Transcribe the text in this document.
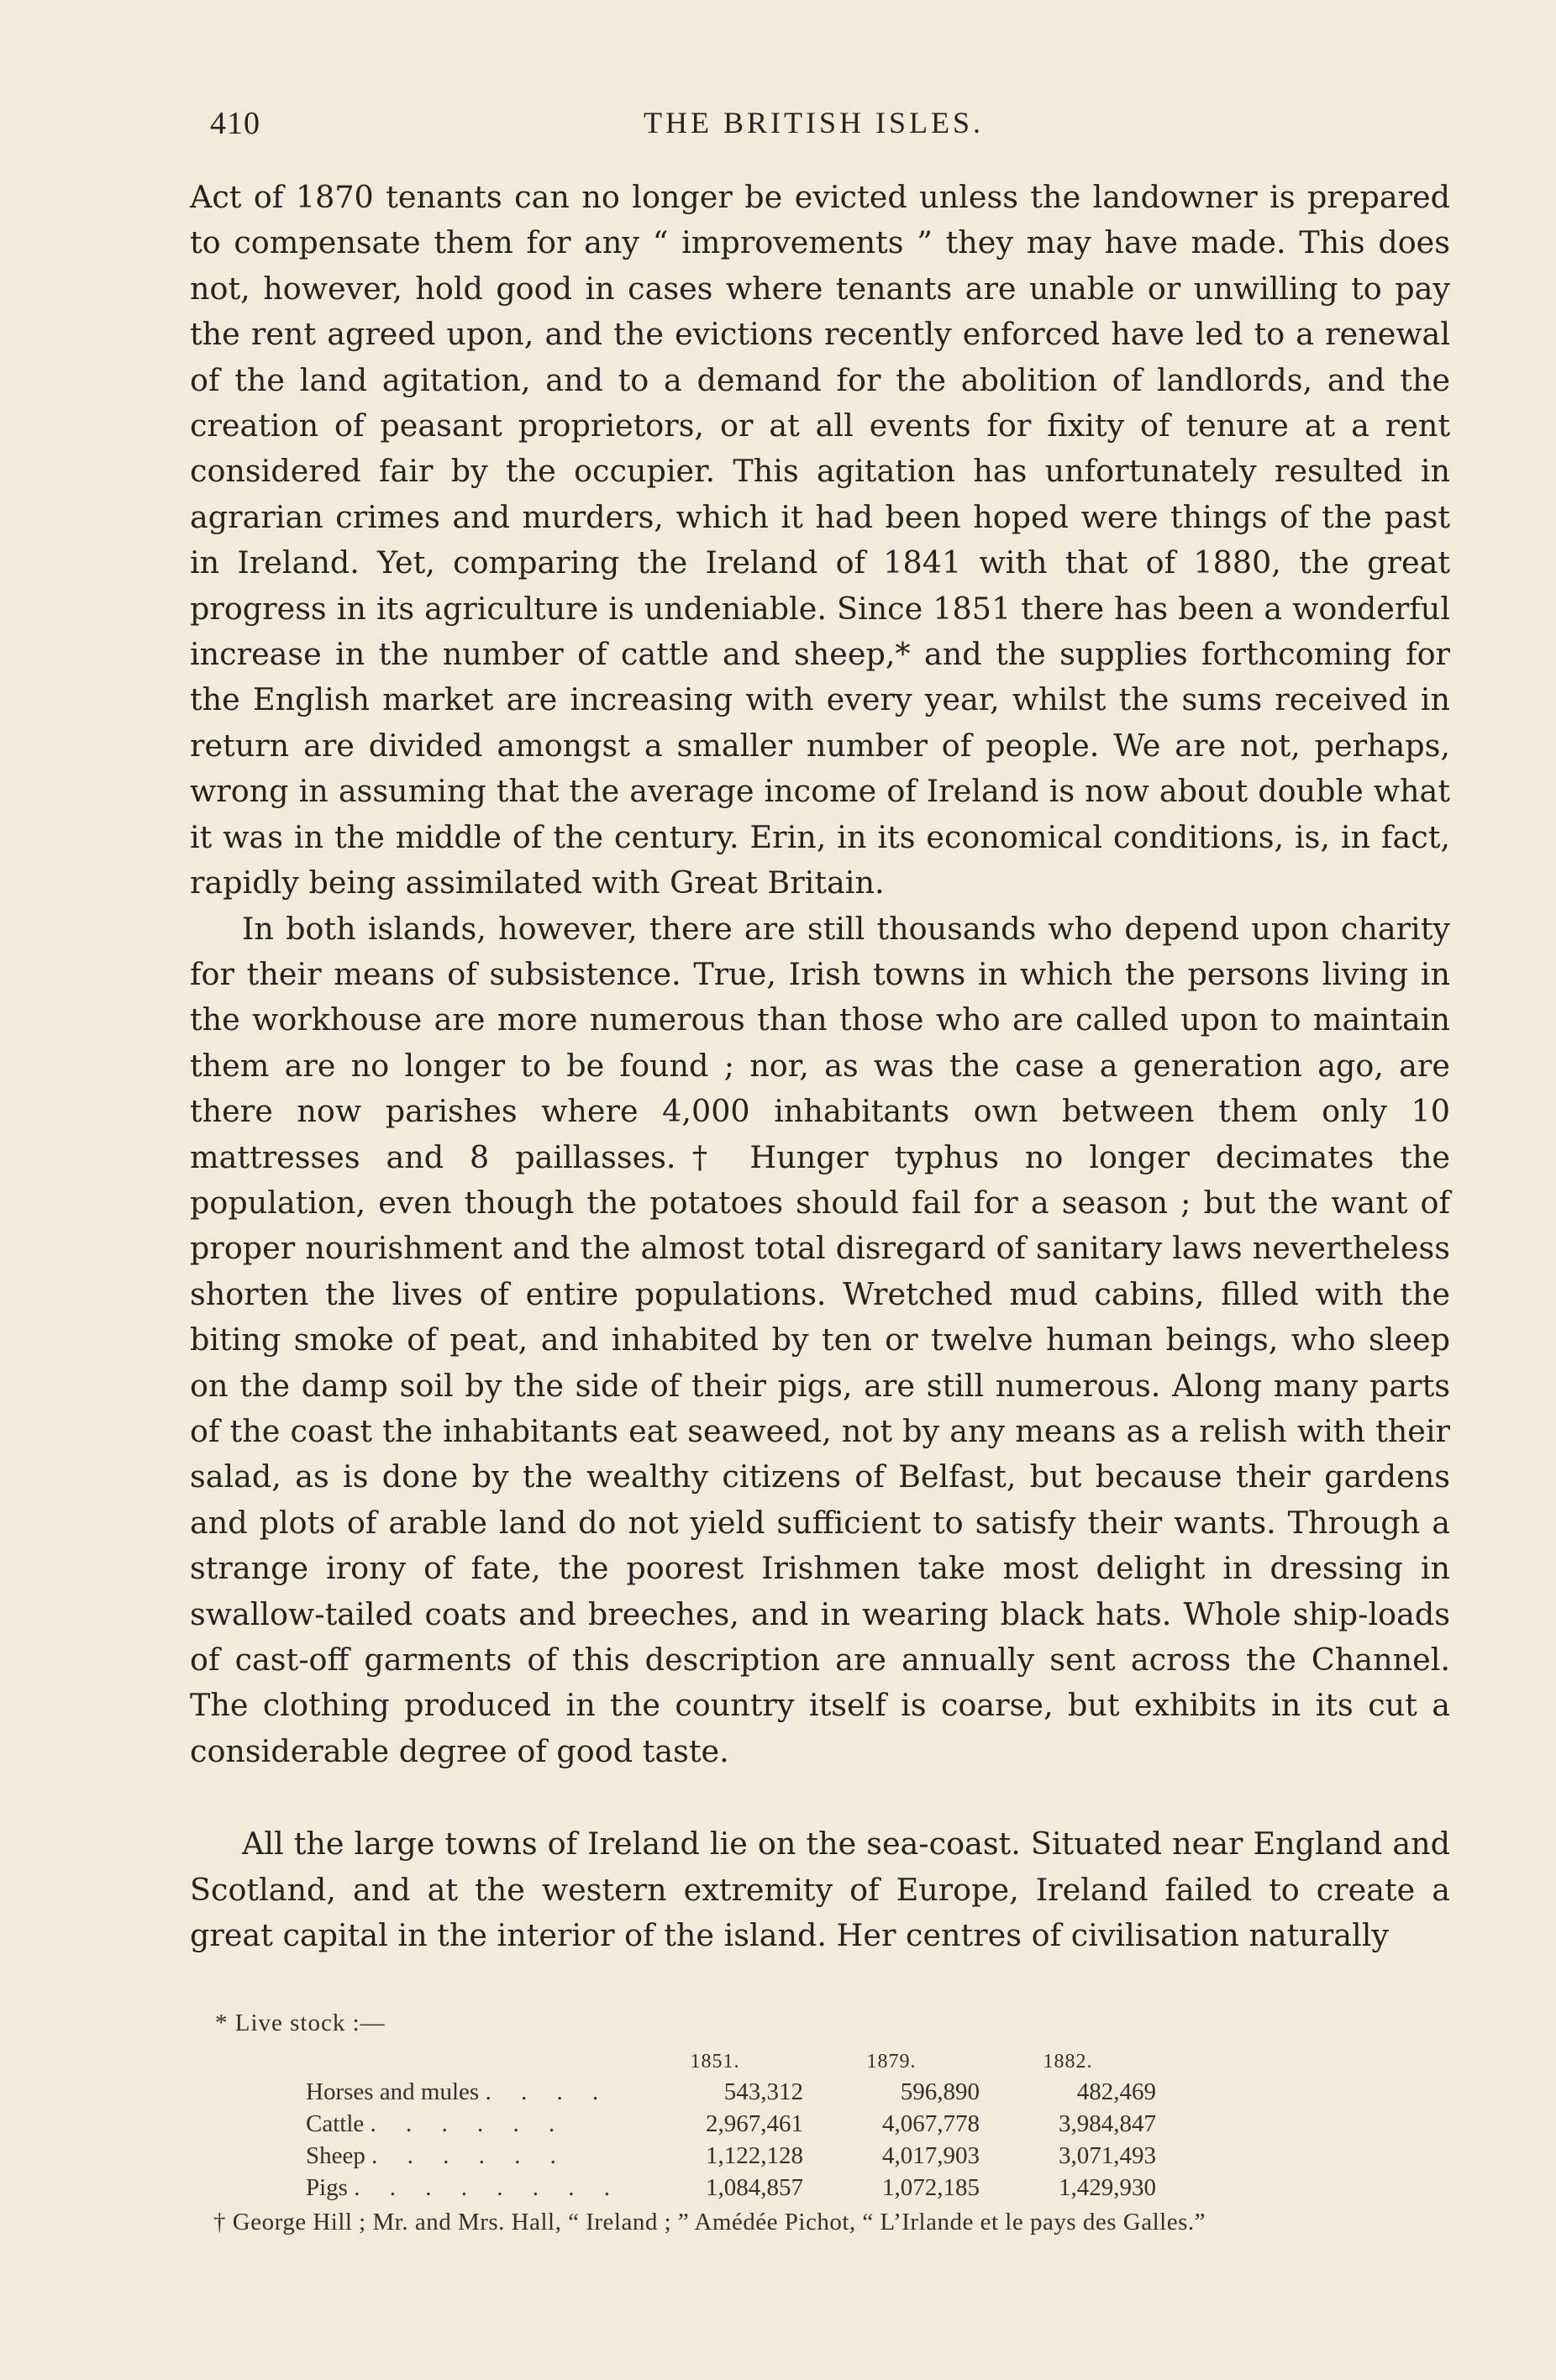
410	THE BRITISH ISLES.

Act of 1870 tenants can no longer be evicted unless the landowner is prepared to compensate them for any “ improvements ” they may have made. This does not, however, hold good in cases where tenants are unable or unwilling to pay the rent agreed upon, and the evictions recently enforced have led to a renewal of the land agitation, and to a demand for the abolition of landlords, and the creation of peasant proprietors, or at all events for fixity of tenure at a rent considered fair by the occupier. This agitation has unfortunately resulted in agrarian crimes and murders, which it had been hoped were things of the past in Ireland. Yet, comparing the Ireland of 1841 with that of 1880, the great progress in its agriculture is undeniable. Since 1851 there has been a wonderful increase in the number of cattle and sheep,* and the supplies forthcoming for the English market are increasing with every year, whilst the sums received in return are divided amongst a smaller number of people. We are not, perhaps, wrong in assuming that the average income of Ireland is now about double what it was in the middle of the century. Erin, in its economical conditions, is, in fact, rapidly being assimilated with Great Britain.

In both islands, however, there are still thousands who depend upon charity for their means of subsistence. True, Irish towns in which the persons living in the workhouse are more numerous than those who are called upon to maintain them are no longer to be found ; nor, as was the case a generation ago, are there now parishes where 4,000 inhabitants own between them only 10 mattresses and 8 paillasses.† Hunger typhus no longer decimates the population, even though the potatoes should fail for a season ; but the want of proper nourishment and the almost total disregard of sanitary laws nevertheless shorten the lives of entire populations. Wretched mud cabins, filled with the biting smoke of peat, and inhabited by ten or twelve human beings, who sleep on the damp soil by the side of their pigs, are still numerous. Along many parts of the coast the inhabitants eat seaweed, not by any means as a relish with their salad, as is done by the wealthy citizens of Belfast, but because their gardens and plots of arable land do not yield sufficient to satisfy their wants. Through a strange irony of fate, the poorest Irishmen take most delight in dressing in swallow-tailed coats and breeches, and in wearing black hats. Whole ship-loads of cast-off garments of this description are annually sent across the Channel. The clothing produced in the country itself is coarse, but exhibits in its cut a considerable degree of good taste.

All the large towns of Ireland lie on the sea-coast. Situated near England and Scotland, and at the western extremity of Europe, Ireland failed to create a great capital in the interior of the island. Her centres of civilisation naturally

* Live stock :—
	1851.	1879.	1882.
Horses and mules . . . .	543,312	596,890	482,469
Cattle . . . . . .	2,967,461	4,067,778	3,984,847
Sheep . . . . . .	1,122,128	4,017,903	3,071,493
Pigs . . . . . . . .	1,084,857	1,072,185	1,429,930
† George Hill ; Mr. and Mrs. Hall, “ Ireland ; ” Amédée Pichot, “ L’Irlande et le pays des Galles.”
